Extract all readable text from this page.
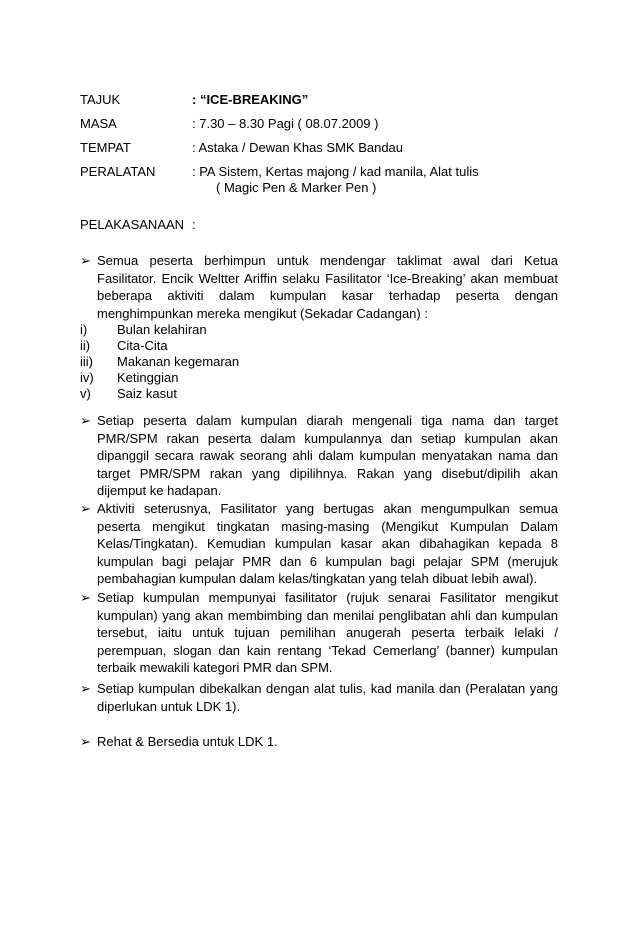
TAJUK	: “ICE-BREAKING”
MASA	: 7.30 – 8.30 Pagi ( 08.07.2009 )
TEMPAT	: Astaka / Dewan Khas SMK Bandau
PERALATAN	: PA Sistem, Kertas majong / kad manila, Alat tulis
( Magic Pen & Marker Pen )
PELAKASANAAN :
➢ Semua peserta berhimpun untuk mendengar taklimat awal dari Ketua Fasilitator. Encik Weltter Ariffin selaku Fasilitator ‘Ice-Breaking’ akan membuat beberapa aktiviti dalam kumpulan kasar terhadap peserta dengan menghimpunkan mereka mengikut (Sekadar Cadangan) :
i) Bulan kelahiran
ii) Cita-Cita
iii) Makanan kegemaran
iv) Ketinggian
v) Saiz kasut
➢ Setiap peserta dalam kumpulan diarah mengenali tiga nama dan target PMR/SPM rakan peserta dalam kumpulannya dan setiap kumpulan akan dipanggil secara rawak seorang ahli dalam kumpulan menyatakan nama dan target PMR/SPM rakan yang dipilihnya. Rakan yang disebut/dipilih akan dijemput ke hadapan.
➢ Aktiviti seterusnya, Fasilitator yang bertugas akan mengumpulkan semua peserta mengikut tingkatan masing-masing (Mengikut Kumpulan Dalam Kelas/Tingkatan). Kemudian kumpulan kasar akan dibahagikan kepada 8 kumpulan bagi pelajar PMR dan 6 kumpulan bagi pelajar SPM (merujuk pembahagian kumpulan dalam kelas/tingkatan yang telah dibuat lebih awal).
➢ Setiap kumpulan mempunyai fasilitator (rujuk senarai Fasilitator mengikut kumpulan) yang akan membimbing dan menilai penglibatan ahli dan kumpulan tersebut, iaitu untuk tujuan pemilihan anugerah peserta terbaik lelaki / perempuan, slogan dan kain rentang ‘Tekad Cemerlang’ (banner) kumpulan terbaik mewakili kategori PMR dan SPM.
➢ Setiap kumpulan dibekalkan dengan alat tulis, kad manila dan (Peralatan yang diperlukan untuk LDK 1).
➢ Rehat & Bersedia untuk LDK 1.
